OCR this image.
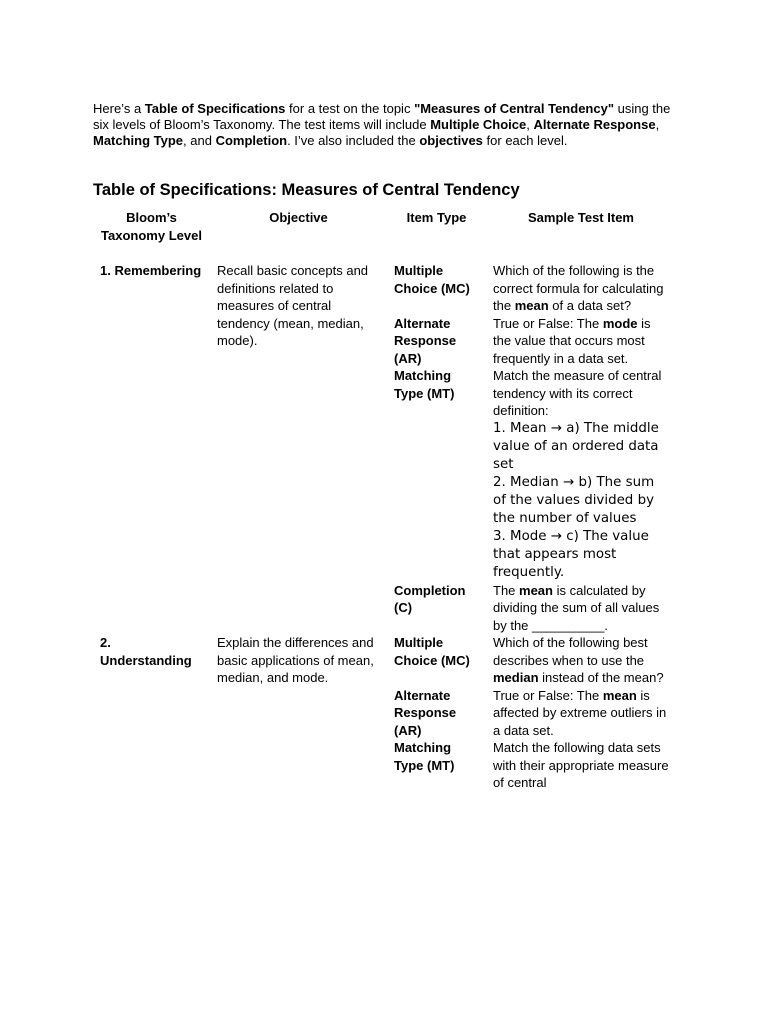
Here’s a Table of Specifications for a test on the topic "Measures of Central Tendency" using the six levels of Bloom’s Taxonomy. The test items will include Multiple Choice, Alternate Response, Matching Type, and Completion. I’ve also included the objectives for each level.
Table of Specifications: Measures of Central Tendency
Bloom’s Taxonomy Level	Objective	Item Type	Sample Test Item
1. Remembering	Recall basic concepts and definitions related to measures of central tendency (mean, median, mode).	Multiple Choice (MC)	Which of the following is the correct formula for calculating the mean of a data set?
		Alternate Response (AR)	True or False: The mode is the value that occurs most frequently in a data set.
		Matching Type (MT)	Match the measure of central tendency with its correct definition:
1. Mean → a) The middle value of an ordered data set
2. Median → b) The sum of the values divided by the number of values
3. Mode → c) The value that appears most frequently.

		Completion (C)	The mean is calculated by dividing the sum of all values by the __________.
2. Understanding	Explain the differences and basic applications of mean, median, and mode.	Multiple Choice (MC)	Which of the following best describes when to use the median instead of the mean?
		Alternate Response (AR)	True or False: The mean is affected by extreme outliers in a data set.
		Matching Type (MT)	Match the following data sets with their appropriate measure of central
